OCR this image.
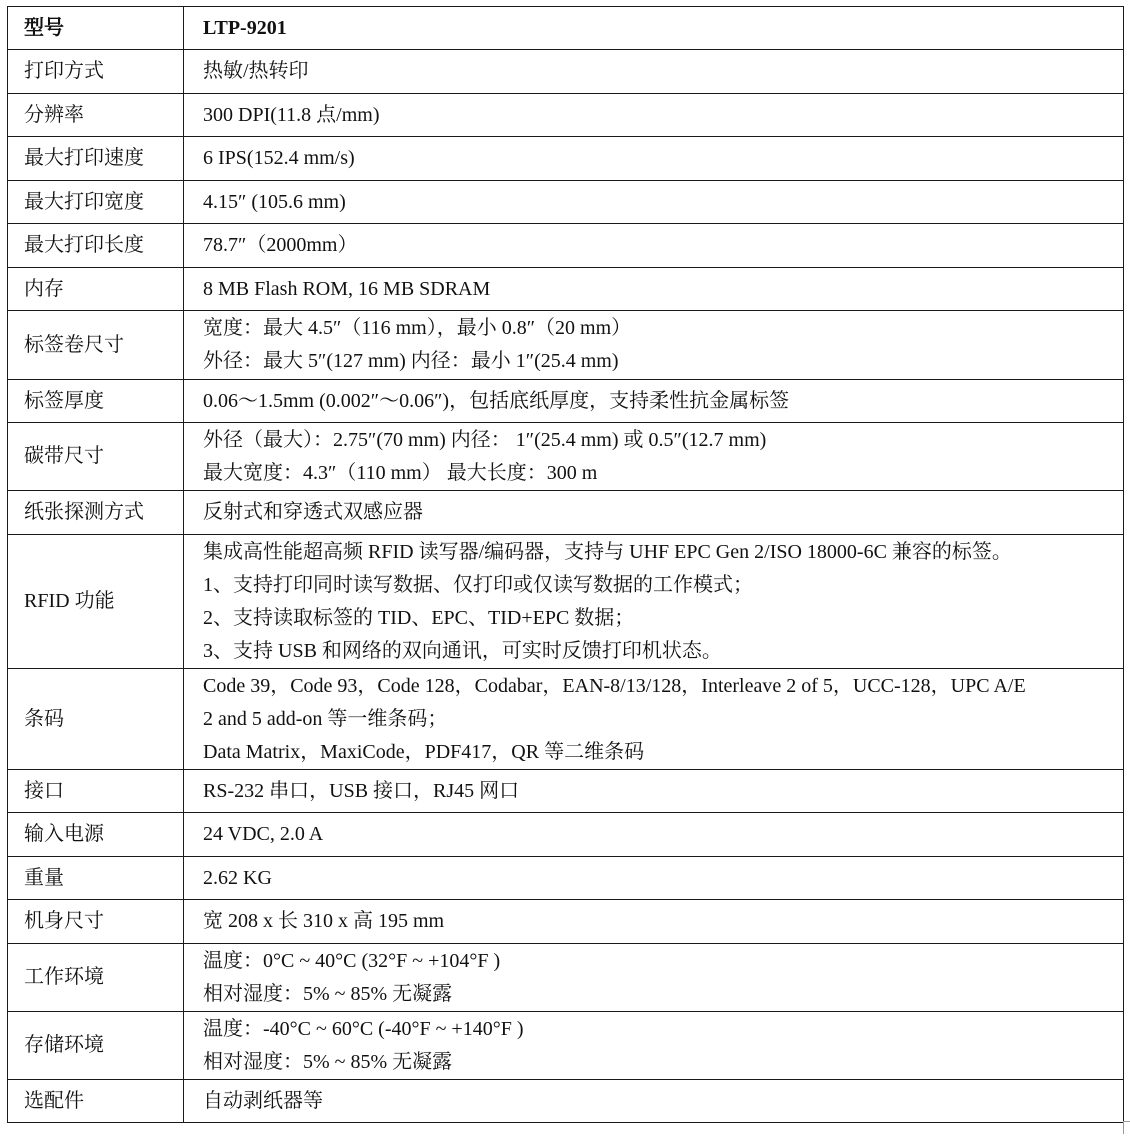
型号	LTP-9201
打印方式	热敏/热转印

分辨率	300 DPI(11.8 点/mm)

最大打印速度	6 IPS(152.4 mm/s)

最大打印宽度	4.15″ (105.6 mm)

最大打印长度	78.7″（2000mm）

内存	8 MB Flash ROM, 16 MB SDRAM

标签卷尺寸	宽度：最大 4.5″（116 mm），最小 0.8″（20 mm）
外径：最大 5″(127 mm) 内径：最小 1″(25.4 mm)

标签厚度	0.06～1.5mm (0.002″～0.06″)，包括底纸厚度，支持柔性抗金属标签

碳带尺寸	外径（最大）：2.75″(70 mm) 内径： 1″(25.4 mm) 或 0.5″(12.7 mm)
最大宽度：4.3″（110 mm） 最大长度：300 m

纸张探测方式	反射式和穿透式双感应器

RFID 功能	集成高性能超高频 RFID 读写器/编码器，支持与 UHF EPC Gen 2/ISO 18000-6C 兼容的标签。
1、支持打印同时读写数据、仅打印或仅读写数据的工作模式；
2、支持读取标签的 TID、EPC、TID+EPC 数据；
3、支持 USB 和网络的双向通讯，可实时反馈打印机状态。

条码	Code 39，Code 93，Code 128，Codabar，EAN-8/13/128，Interleave 2 of 5，UCC-128，UPC A/E
2 and 5 add-on 等一维条码；
Data Matrix，MaxiCode，PDF417，QR 等二维条码

接口	RS-232 串口，USB 接口，RJ45 网口

输入电源	24 VDC, 2.0 A

重量	2.62 KG

机身尺寸	宽 208 x 长 310 x 高 195 mm

工作环境	温度：0°C ~ 40°C (32°F ~ +104°F )
相对湿度：5% ~ 85% 无凝露

存储环境	温度：-40°C ~ 60°C (-40°F ~ +140°F )
相对湿度：5% ~ 85% 无凝露

选配件	自动剥纸器等
